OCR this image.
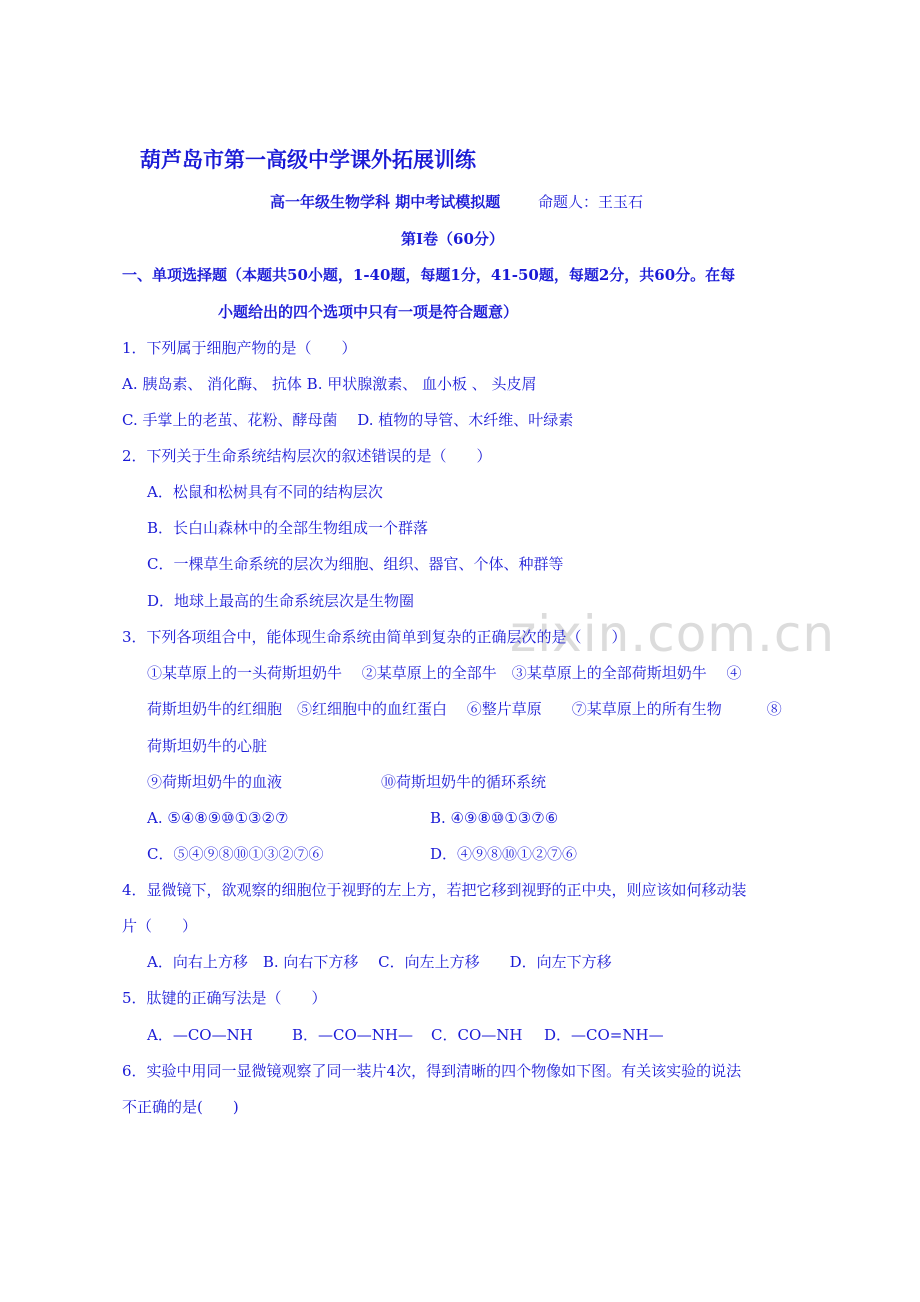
zixin.com.cn
葫芦岛市第一高级中学课外拓展训练
高一年级生物学科 期中考试模拟题	命题人：王玉石
第Ⅰ卷（60分）
一、单项选择题（本题共50小题，1-40题，每题1分，41-50题，每题2分，共60分。在每
小题给出的四个选项中只有一项是符合题意）
1．下列属于细胞产物的是（　　）
A. 胰岛素、 消化酶、 抗体 B. 甲状腺激素、 血小板 、 头皮屑
C. 手掌上的老茧、花粉、酵母菌　 D. 植物的导管、木纤维、叶绿素
2．下列关于生命系统结构层次的叙述错误的是（　　）
A．松鼠和松树具有不同的结构层次
B．长白山森林中的全部生物组成一个群落
C．一棵草生命系统的层次为细胞、组织、器官、个体、种群等
D．地球上最高的生命系统层次是生物圈
3．下列各项组合中，能体现生命系统由简单到复杂的正确层次的是（　　）
①某草原上的一头荷斯坦奶牛　 ②某草原上的全部牛　③某草原上的全部荷斯坦奶牛　 ④
荷斯坦奶牛的红细胞　⑤红细胞中的血红蛋白　 ⑥整片草原　　⑦某草原上的所有生物　　　⑧
荷斯坦奶牛的心脏
⑨荷斯坦奶牛的血液	⑩荷斯坦奶牛的循环系统
A. ⑤④⑧⑨⑩①③②⑦	B. ④⑨⑧⑩①③⑦⑥
C．⑤④⑨⑧⑩①③②⑦⑥	D．④⑨⑧⑩①②⑦⑥
4．显微镜下，欲观察的细胞位于视野的左上方，若把它移到视野的正中央，则应该如何移动装
片（　　）
A．向右上方移　B. 向右下方移　 C．向左上方移　　D．向左下方移
5．肽键的正确写法是（　　）
A．—CO—NH	B．—CO—NH— C．CO—NH D．—CO=NH—
6．实验中用同一显微镜观察了同一装片4次，得到清晰的四个物像如下图。有关该实验的说法
不正确的是(　　)
